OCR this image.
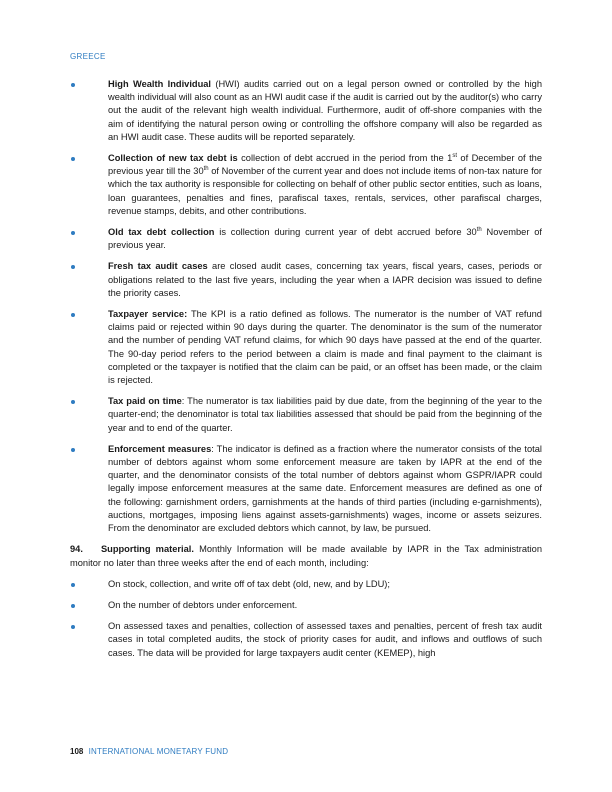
GREECE

High Wealth Individual (HWI) audits carried out on a legal person owned or controlled by the high wealth individual will also count as an HWI audit case if the audit is carried out by the auditor(s) who carry out the audit of the relevant high wealth individual. Furthermore, audit of off-shore companies with the aim of identifying the natural person owing or controlling the offshore company will also be regarded as an HWI audit case. These audits will be reported separately.

Collection of new tax debt is collection of debt accrued in the period from the 1st of December of the previous year till the 30th of November of the current year and does not include items of non-tax nature for which the tax authority is responsible for collecting on behalf of other public sector entities, such as loans, loan guarantees, penalties and fines, parafiscal taxes, rentals, services, other parafiscal charges, revenue stamps, debits, and other contributions.

Old tax debt collection is collection during current year of debt accrued before 30th November of previous year.

Fresh tax audit cases are closed audit cases, concerning tax years, fiscal years, cases, periods or obligations related to the last five years, including the year when a IAPR decision was issued to define the priority cases.

Taxpayer service: The KPI is a ratio defined as follows. The numerator is the number of VAT refund claims paid or rejected within 90 days during the quarter. The denominator is the sum of the numerator and the number of pending VAT refund claims, for which 90 days have passed at the end of the quarter. The 90-day period refers to the period between a claim is made and final payment to the claimant is completed or the taxpayer is notified that the claim can be paid, or an offset has been made, or the claim is rejected.

Tax paid on time: The numerator is tax liabilities paid by due date, from the beginning of the year to the quarter-end; the denominator is total tax liabilities assessed that should be paid from the beginning of the year and to end of the quarter.

Enforcement measures: The indicator is defined as a fraction where the numerator consists of the total number of debtors against whom some enforcement measure are taken by IAPR at the end of the quarter, and the denominator consists of the total number of debtors against whom GSPR/IAPR could legally impose enforcement measures at the same date. Enforcement measures are defined as one of the following: garnishment orders, garnishments at the hands of third parties (including e-garnishments), auctions, mortgages, imposing liens against assets-garnishments) wages, income or assets seizures. From the denominator are excluded debtors which cannot, by law, be pursued.

94. Supporting material. Monthly Information will be made available by IAPR in the Tax administration monitor no later than three weeks after the end of each month, including:

On stock, collection, and write off of tax debt (old, new, and by LDU);

On the number of debtors under enforcement.

On assessed taxes and penalties, collection of assessed taxes and penalties, percent of fresh tax audit cases in total completed audits, the stock of priority cases for audit, and inflows and outflows of such cases. The data will be provided for large taxpayers audit center (KEMEP), high

108 INTERNATIONAL MONETARY FUND
